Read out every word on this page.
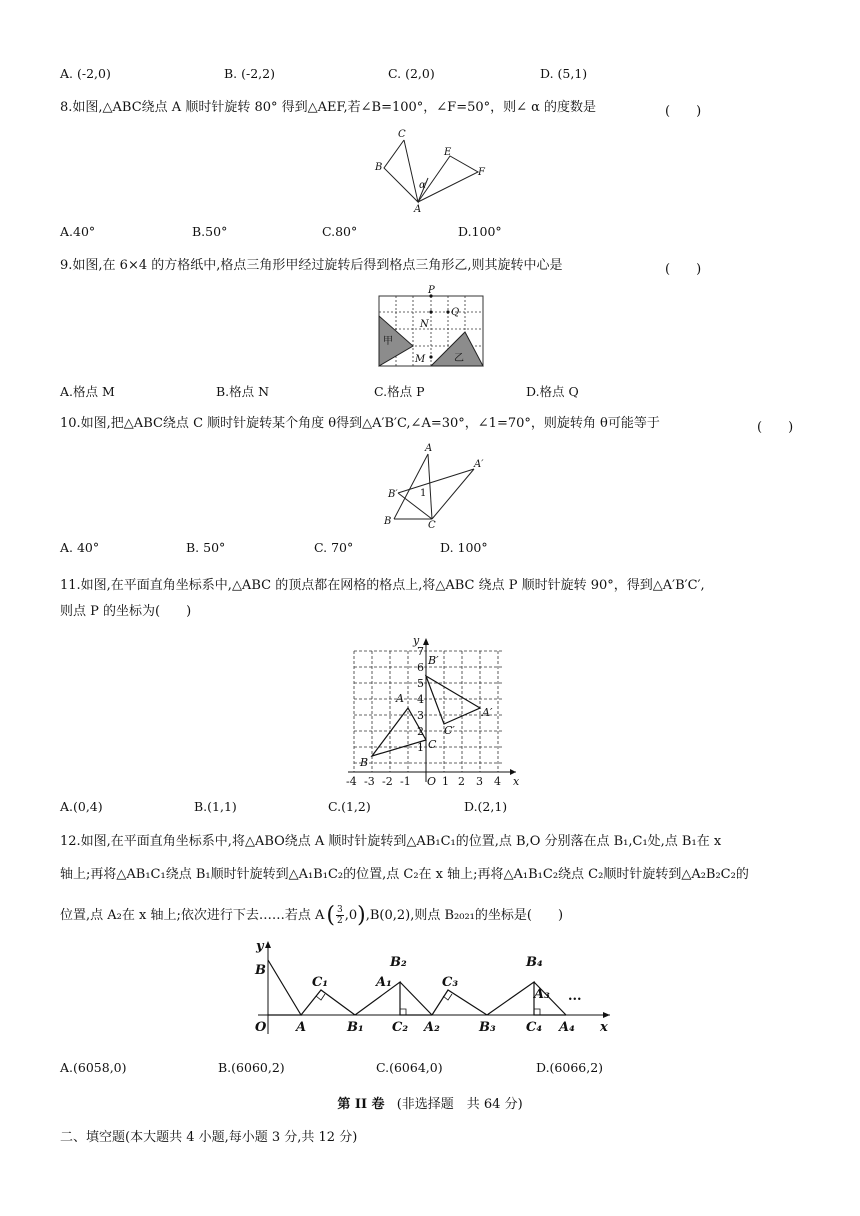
A. (-2,0)	B. (-2,2)	C. (2,0)	D. (5,1)
8.如图,△ABC绕点 A 顺时针旋转 80° 得到△AEF,若∠B=100°，∠F=50°，则∠ α 的度数是	(　　)
C
B
E
F
α
A
A.40°	B.50°	C.80°	D.100°
9.如图,在 6×4 的方格纸中,格点三角形甲经过旋转后得到格点三角形乙,则其旋转中心是	(　　)
P
Q
N
甲
M	乙
A.格点 M	B.格点 N	C.格点 P	D.格点 Q
10.如图,把△ABC绕点 C 顺时针旋转某个角度 θ得到△A′B′C,∠A=30°，∠1=70°，则旋转角 θ可能等于	(　　)
A
A′
B′ 1
B	C
A. 40°	B. 50°	C. 70°	D. 100°
11.如图,在平面直角坐标系中,△ABC 的顶点都在网格的格点上,将△ABC 绕点 P 顺时针旋转 90°，得到△A′B′C′,
则点 P 的坐标为(　　)
y
7
6
5
4
3
2
1
B′
A
A′
C′
C
B
-4 -3 -2 -1 O 1 2 3 4 x
A.(0,4)	B.(1,1)	C.(1,2)	D.(2,1)
12.如图,在平面直角坐标系中,将△ABO绕点 A 顺时针旋转到△AB₁C₁的位置,点 B,O 分别落在点 B₁,C₁处,点 B₁在 x
轴上;再将△AB₁C₁绕点 B₁顺时针旋转到△A₁B₁C₂的位置,点 C₂在 x 轴上;再将△A₁B₁C₂绕点 C₂顺时针旋转到△A₂B₂C₂的
位置,点 A₂在 x 轴上;依次进行下去……若点 A ( $\frac{3}{2} ,0$ ) ,B(0,2),则点 B₂₀₂₁的坐标是(　　)
y
B
C₁
B₂
A₁	C₃
B₄
A₃ ...
O A	B₁ C₂ A₂	B₃ C₄ A₄ x
A.(6058,0)	B.(6060,2)	C.(6064,0)	D.(6066,2)
第 II 卷 (非选择题　共 64 分)
二、填空题(本大题共 4 小题,每小题 3 分,共 12 分)
